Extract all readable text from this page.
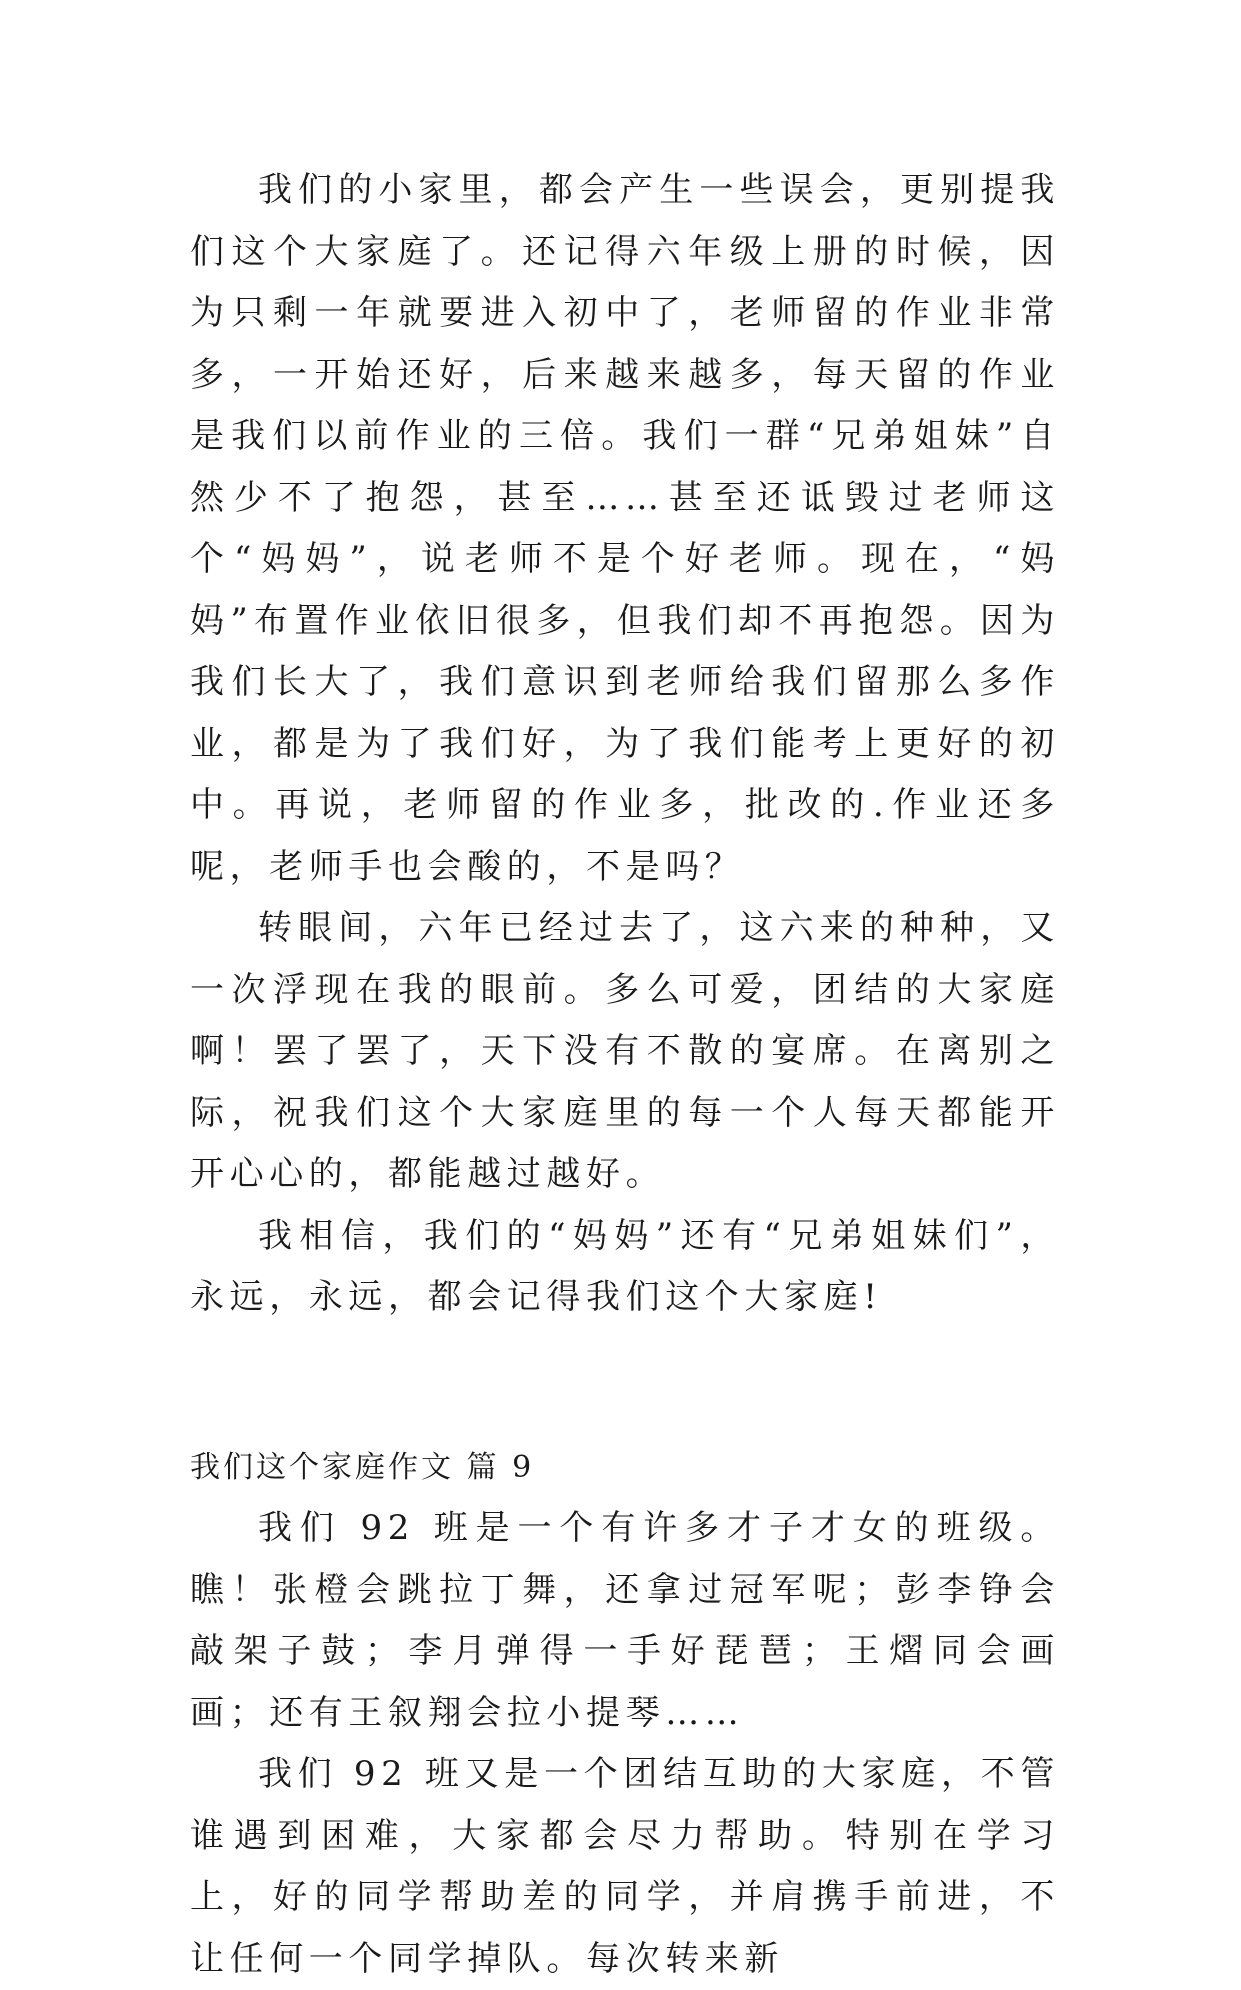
我们的小家里，都会产生一些误会，更别提我们这个大家庭了。还记得六年级上册的时候，因为只剩一年就要进入初中了，老师留的作业非常多，一开始还好，后来越来越多，每天留的作业是我们以前作业的三倍。我们一群“兄弟姐妹”自然少不了抱怨，甚至……甚至还诋毁过老师这个“妈妈”，说老师不是个好老师。现在，“妈妈”布置作业依旧很多，但我们却不再抱怨。因为我们长大了，我们意识到老师给我们留那么多作业，都是为了我们好，为了我们能考上更好的初中。再说，老师留的作业多，批改的.作业还多呢，老师手也会酸的，不是吗？

转眼间，六年已经过去了，这六来的种种，又一次浮现在我的眼前。多么可爱，团结的大家庭啊！罢了罢了，天下没有不散的宴席。在离别之际，祝我们这个大家庭里的每一个人每天都能开开心心的，都能越过越好。

我相信，我们的“妈妈”还有“兄弟姐妹们”，永远，永远，都会记得我们这个大家庭!

我们这个家庭作文 篇 9

我们 92 班是一个有许多才子才女的班级。瞧！张橙会跳拉丁舞，还拿过冠军呢；彭李铮会敲架子鼓；李月弹得一手好琵琶；王熠同会画画；还有王叙翔会拉小提琴……

我们 92 班又是一个团结互助的大家庭，不管谁遇到困难，大家都会尽力帮助。特别在学习上，好的同学帮助差的同学，并肩携手前进，不让任何一个同学掉队。每次转来新
